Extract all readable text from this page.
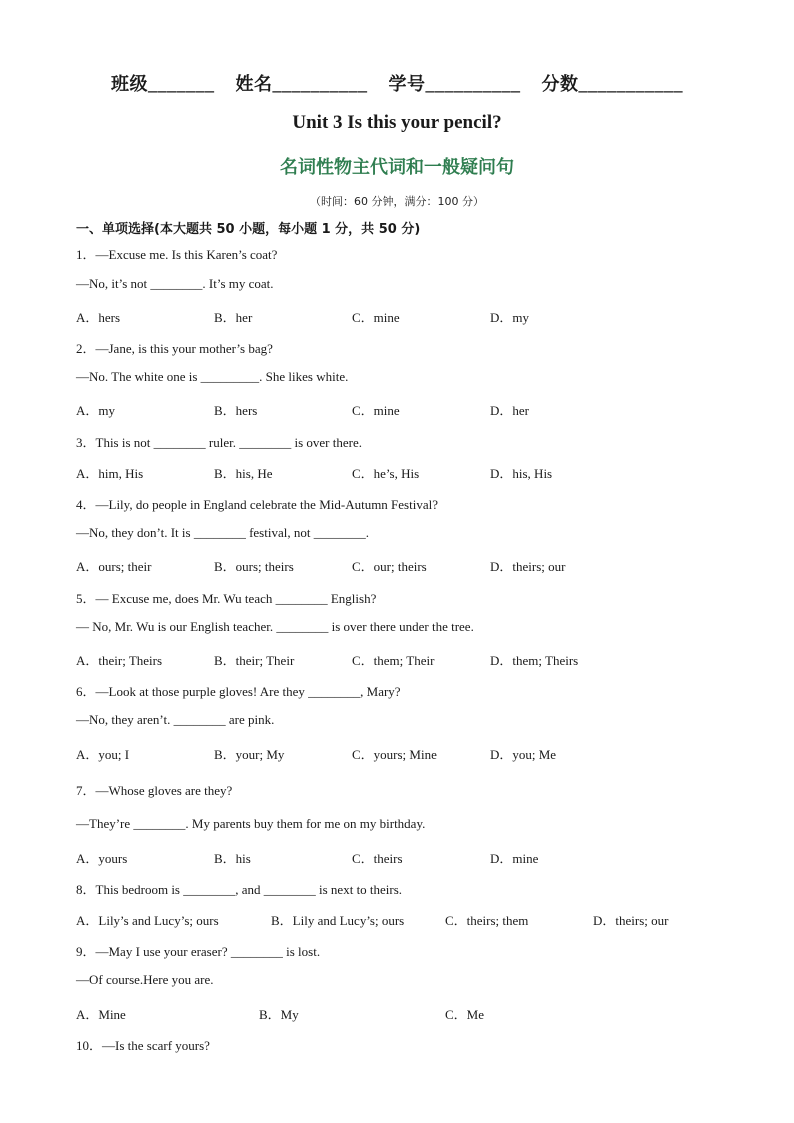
班级_______ 姓名__________ 学号__________ 分数___________
Unit 3 Is this your pencil?
名词性物主代词和一般疑问句
（时间：60 分钟，满分：100 分）
一、单项选择(本大题共 50 小题，每小题 1 分，共 50 分)
1．—Excuse me. Is this Karen’s coat?
—No, it’s not ________. It’s my coat.
A．hers	B．her	C．mine	D．my
2．—Jane, is this your mother’s bag?
—No. The white one is _________. She likes white.
A．my	B．hers	C．mine	D．her
3．This is not ________ ruler. ________ is over there.
A．him, His	B．his, He	C．he’s, His	D．his, His
4．—Lily, do people in England celebrate the Mid-Autumn Festival?
—No, they don’t. It is ________ festival, not ________.
A．ours; their	B．ours; theirs	C．our; theirs	D．theirs; our
5．— Excuse me, does Mr. Wu teach ________ English?
— No, Mr. Wu is our English teacher. ________ is over there under the tree.
A．their; Theirs	B．their; Their	C．them; Their	D．them; Theirs
6．—Look at those purple gloves! Are they ________, Mary?
—No, they aren’t. ________ are pink.
A．you; I	B．your; My	C．yours; Mine	D．you; Me
7．—Whose gloves are they?
—They’re ________. My parents buy them for me on my birthday.
A．yours	B．his	C．theirs	D．mine
8．This bedroom is ________, and ________ is next to theirs.
A．Lily’s and Lucy’s; ours	B．Lily and Lucy’s; ours	C．theirs; them	D．theirs; our
9．—May I use your eraser? ________ is lost.
—Of course.Here you are.
A．Mine	B．My	C．Me
10．—Is the scarf yours?
